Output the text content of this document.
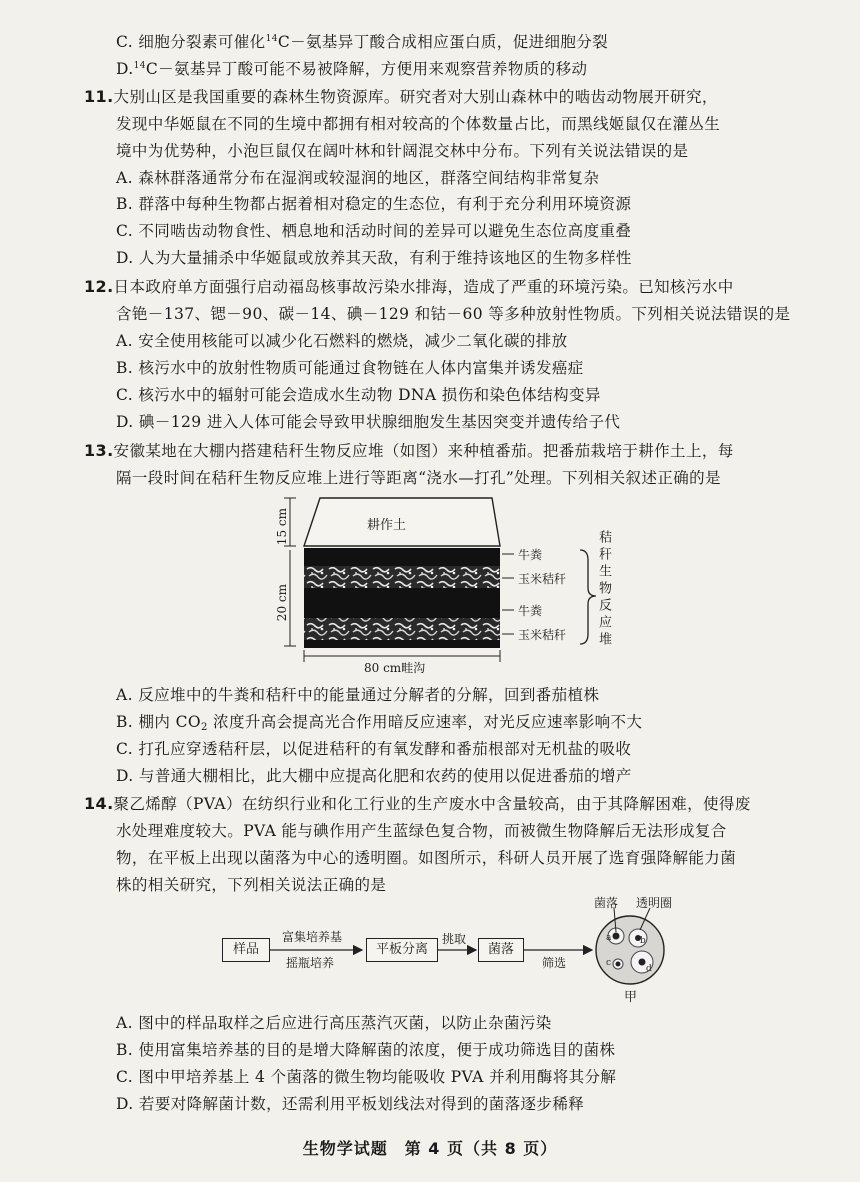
C. 细胞分裂素可催化$^{14}$C－氨基异丁酸合成相应蛋白质，促进细胞分裂
D.$^{14}$C－氨基异丁酸可能不易被降解，方便用来观察营养物质的移动
11.大别山区是我国重要的森林生物资源库。研究者对大别山森林中的啮齿动物展开研究，
发现中华姬鼠在不同的生境中都拥有相对较高的个体数量占比，而黑线姬鼠仅在灌丛生
境中为优势种，小泡巨鼠仅在阔叶林和针阔混交林中分布。下列有关说法错误的是
A. 森林群落通常分布在湿润或较湿润的地区，群落空间结构非常复杂
B. 群落中每种生物都占据着相对稳定的生态位，有利于充分利用环境资源
C. 不同啮齿动物食性、栖息地和活动时间的差异可以避免生态位高度重叠
D. 人为大量捕杀中华姬鼠或放养其天敌，有利于维持该地区的生物多样性
12.日本政府单方面强行启动福岛核事故污染水排海，造成了严重的环境污染。已知核污水中
含铯－137、锶－90、碳－14、碘－129 和钴－60 等多种放射性物质。下列相关说法错误的是
A. 安全使用核能可以减少化石燃料的燃烧，减少二氧化碳的排放
B. 核污水中的放射性物质可能通过食物链在人体内富集并诱发癌症
C. 核污水中的辐射可能会造成水生动物 DNA 损伤和染色体结构变异
D. 碘－129 进入人体可能会导致甲状腺细胞发生基因突变并遗传给子代
13.安徽某地在大棚内搭建秸秆生物反应堆（如图）来种植番茄。把番茄栽培于耕作土上，每
隔一段时间在秸秆生物反应堆上进行等距离“浇水—打孔”处理。下列相关叙述正确的是
耕作土
15 cm
20 cm
80 cm畦沟
牛粪
玉米秸秆
牛粪
玉米秸秆 秸秆生物反应堆
A. 反应堆中的牛粪和秸秆中的能量通过分解者的分解，回到番茄植株
B. 棚内 $CO_2$ 浓度升高会提高光合作用暗反应速率，对光反应速率影响不大
C. 打孔应穿透秸秆层，以促进秸秆的有氧发酵和番茄根部对无机盐的吸收
D. 与普通大棚相比，此大棚中应提高化肥和农药的使用以促进番茄的增产
14.聚乙烯醇（PVA）在纺织行业和化工行业的生产废水中含量较高，由于其降解困难，使得废
水处理难度较大。PVA 能与碘作用产生蓝绿色复合物，而被微生物降解后无法形成复合
物，在平板上出现以菌落为中心的透明圈。如图所示，科研人员开展了选育强降解能力菌
株的相关研究，下列相关说法正确的是
样品
富集培养基
摇瓶培养
平板分离
挑取
菌落
筛选
菌落 透明圈
a	b
c
d
甲
A. 图中的样品取样之后应进行高压蒸汽灭菌，以防止杂菌污染
B. 使用富集培养基的目的是增大降解菌的浓度，便于成功筛选目的菌株
C. 图中甲培养基上 4 个菌落的微生物均能吸收 PVA 并利用酶将其分解
D. 若要对降解菌计数，还需利用平板划线法对得到的菌落逐步稀释
生物学试题　第 4 页（共 8 页）
